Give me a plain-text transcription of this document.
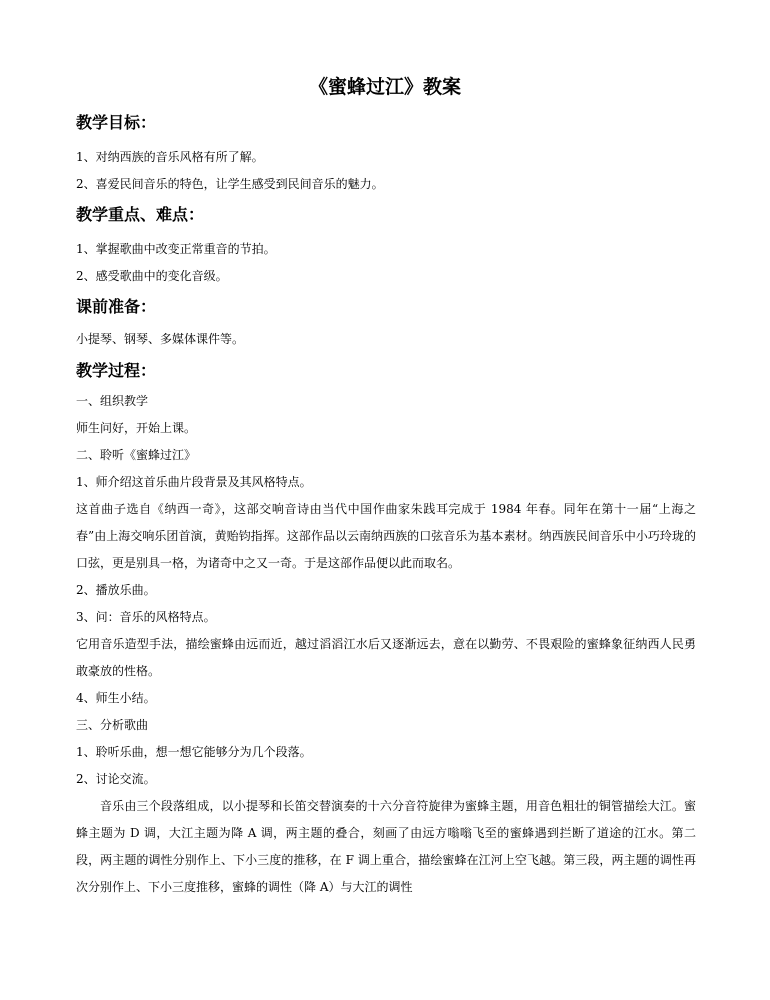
《蜜蜂过江》教案
教学目标：
1、对纳西族的音乐风格有所了解。
2、喜爱民间音乐的特色，让学生感受到民间音乐的魅力。
教学重点、难点：
1、掌握歌曲中改变正常重音的节拍。
2、感受歌曲中的变化音级。
课前准备：
小提琴、钢琴、多媒体课件等。
教学过程：
一、组织教学
师生问好，开始上课。
二、聆听《蜜蜂过江》
1、师介绍这首乐曲片段背景及其风格特点。
这首曲子选自《纳西一奇》，这部交响音诗由当代中国作曲家朱践耳完成于 1984 年春。同年在第十一届“上海之春”由上海交响乐团首演，黄贻钧指挥。这部作品以云南纳西族的口弦音乐为基本素材。纳西族民间音乐中小巧玲珑的口弦，更是别具一格，为诸奇中之又一奇。于是这部作品便以此而取名。
2、播放乐曲。
3、问：音乐的风格特点。
它用音乐造型手法，描绘蜜蜂由远而近，越过滔滔江水后又逐渐远去，意在以勤劳、不畏艰险的蜜蜂象征纳西人民勇敢豪放的性格。
4、师生小结。
三、分析歌曲
1、聆听乐曲，想一想它能够分为几个段落。
2、讨论交流。
音乐由三个段落组成，以小提琴和长笛交替演奏的十六分音符旋律为蜜蜂主题，用音色粗壮的铜管描绘大江。蜜蜂主题为 D 调，大江主题为降 A 调，两主题的叠合，刻画了由远方嗡嗡飞至的蜜蜂遇到拦断了道途的江水。第二段，两主题的调性分别作上、下小三度的推移，在 F 调上重合，描绘蜜蜂在江河上空飞越。第三段，两主题的调性再次分别作上、下小三度推移，蜜蜂的调性（降 A）与大江的调性
